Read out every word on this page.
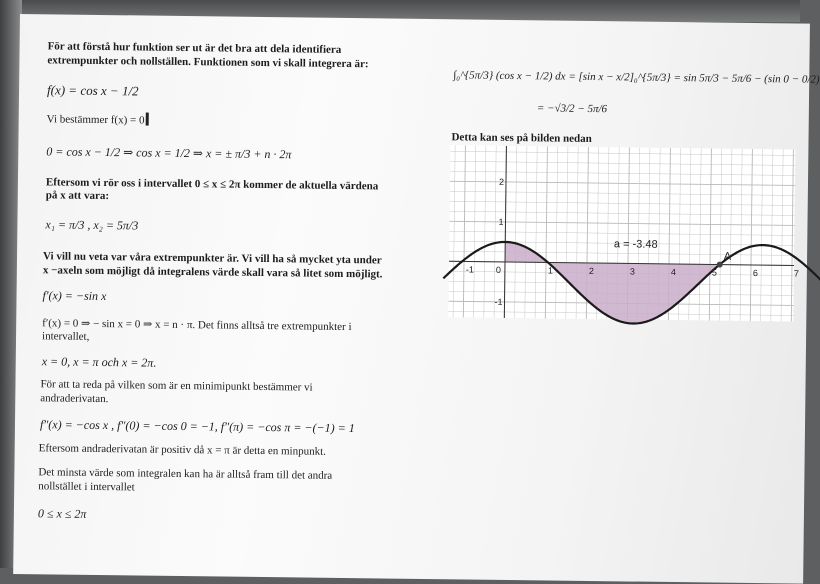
För att förstå hur funktion ser ut är det bra att dela identifiera
extrempunkter och nollställen. Funktionen som vi skall integrera är:
f(x) = cos x − 1/2
Vi bestämmer f(x) = 0
0 = cos x − 1/2 ⇒ cos x = 1/2 ⇒ x = ± π/3 + n · 2π
Eftersom vi rör oss i intervallet 0 ≤ x ≤ 2π kommer de aktuella värdena
på x att vara:
x₁ = π/3 , x₂ = 5π/3
Vi vill nu veta var våra extrempunkter är. Vi vill ha så mycket yta under
x −axeln som möjligt då integralens värde skall vara så litet som möjligt.
f′(x) = −sin x
f′(x) = 0 ⇒ − sin x = 0 ⇒ x = n · π. Det finns alltså tre extrempunkter i
intervallet,
x = 0, x = π och x = 2π.
För att ta reda på vilken som är en minimipunkt bestämmer vi
andraderivatan.
f″(x) = −cos x , f″(0) = −cos 0 = −1, f″(π) = −cos π = −(−1) = 1
Eftersom andraderivatan är positiv då x = π är detta en minpunkt.
Det minsta värde som integralen kan ha är alltså fram till det andra
nollstället i intervallet
0 ≤ x ≤ 2π
∫₀^{5π/3} (cos x − 1/2) dx = [sin x − x/2]₀^{5π/3} = sin 5π/3 − 5π/6 − (sin 0 − 0/2)
= −√3/2 − 5π/6
Detta kan ses på bilden nedan
-1 0	1	2	3	4	5	6	7
2
1
-1
a = -3.48
A
